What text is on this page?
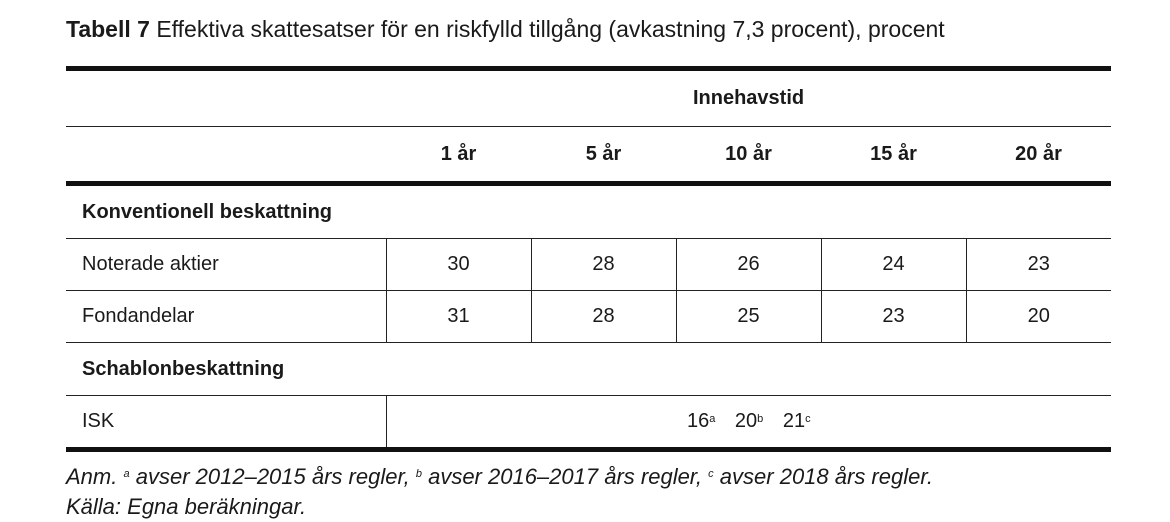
Tabell 7 Effektiva skattesatser för en riskfylld tillgång (avkastning 7,3 procent), procent
	Innehavstid				
	1 år	5 år	10 år	15 år	20 år
Konventionell beskattning					
Noterade aktier	30	28	26	24	23
Fondandelar	31	28	25	23	20
Schablonbeskattning					
ISK	16$^a$ 20$^b$ 21$^c$
Anm. $^a$ avser 2012–2015 års regler, $^b$ avser 2016–2017 års regler, $^c$ avser 2018 års regler.
Källa: Egna beräkningar.
